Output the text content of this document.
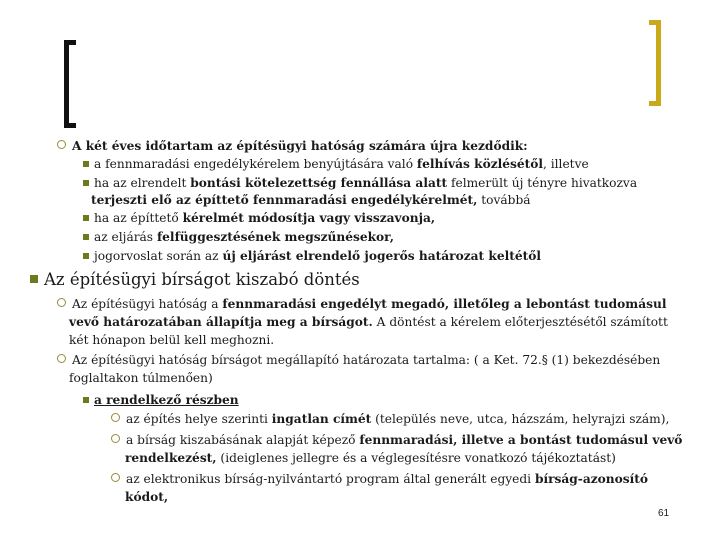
A két éves időtartam az építésügyi hatóság számára újra kezdődik:
a fennmaradási engedélykérelem benyújtására való felhívás közlésétől, illetve
ha az elrendelt bontási kötelezettség fennállása alatt felmerült új tényre hivatkozva
terjeszti elő az építtető fennmaradási engedélykérelmét, továbbá
ha az építtető kérelmét módosítja vagy visszavonja,
az eljárás felfüggesztésének megszűnésekor,
jogorvoslat során az új eljárást elrendelő jogerős határozat keltétől
Az építésügyi bírságot kiszabó döntés
Az építésügyi hatóság a fennmaradási engedélyt megadó, illetőleg a lebontást tudomásul
vevő határozatában állapítja meg a bírságot. A döntést a kérelem előterjesztésétől számított
két hónapon belül kell meghozni.
Az építésügyi hatóság bírságot megállapító határozata tartalma: ( a Ket. 72.§ (1) bekezdésében
foglaltakon túlmenően)
a rendelkező részben
az építés helye szerinti ingatlan címét (település neve, utca, házszám, helyrajzi szám),
a bírság kiszabásának alapját képező fennmaradási, illetve a bontást tudomásul vevő
rendelkezést, (ideiglenes jellegre és a véglegesítésre vonatkozó tájékoztatást)
az elektronikus bírság-nyilvántartó program által generált egyedi bírság-azonosító
kódot,
61
